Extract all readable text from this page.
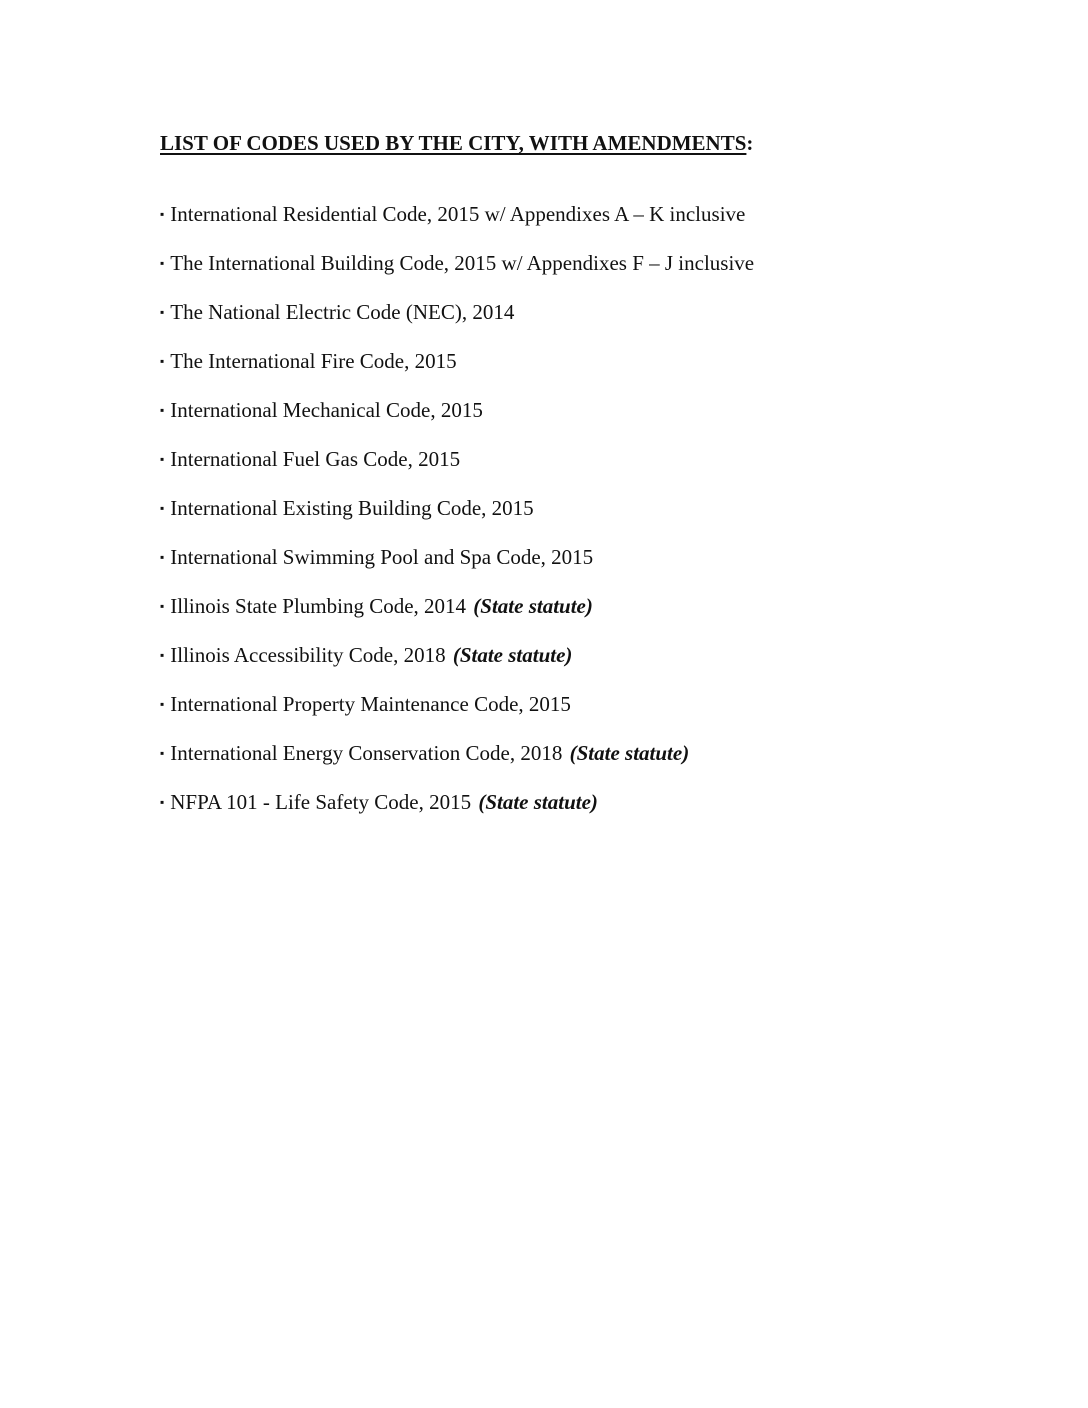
LIST OF CODES USED BY THE CITY, WITH AMENDMENTS:
▪ International Residential Code, 2015 w/ Appendixes A – K inclusive
▪ The International Building Code, 2015 w/ Appendixes F – J inclusive
▪ The National Electric Code (NEC), 2014
▪ The International Fire Code, 2015
▪ International Mechanical Code, 2015
▪ International Fuel Gas Code, 2015
▪ International Existing Building Code, 2015
▪ International Swimming Pool and Spa Code, 2015
▪ Illinois State Plumbing Code, 2014 (State statute)
▪ Illinois Accessibility Code, 2018 (State statute)
▪ International Property Maintenance Code, 2015
▪ International Energy Conservation Code, 2018 (State statute)
▪ NFPA 101 - Life Safety Code, 2015 (State statute)
